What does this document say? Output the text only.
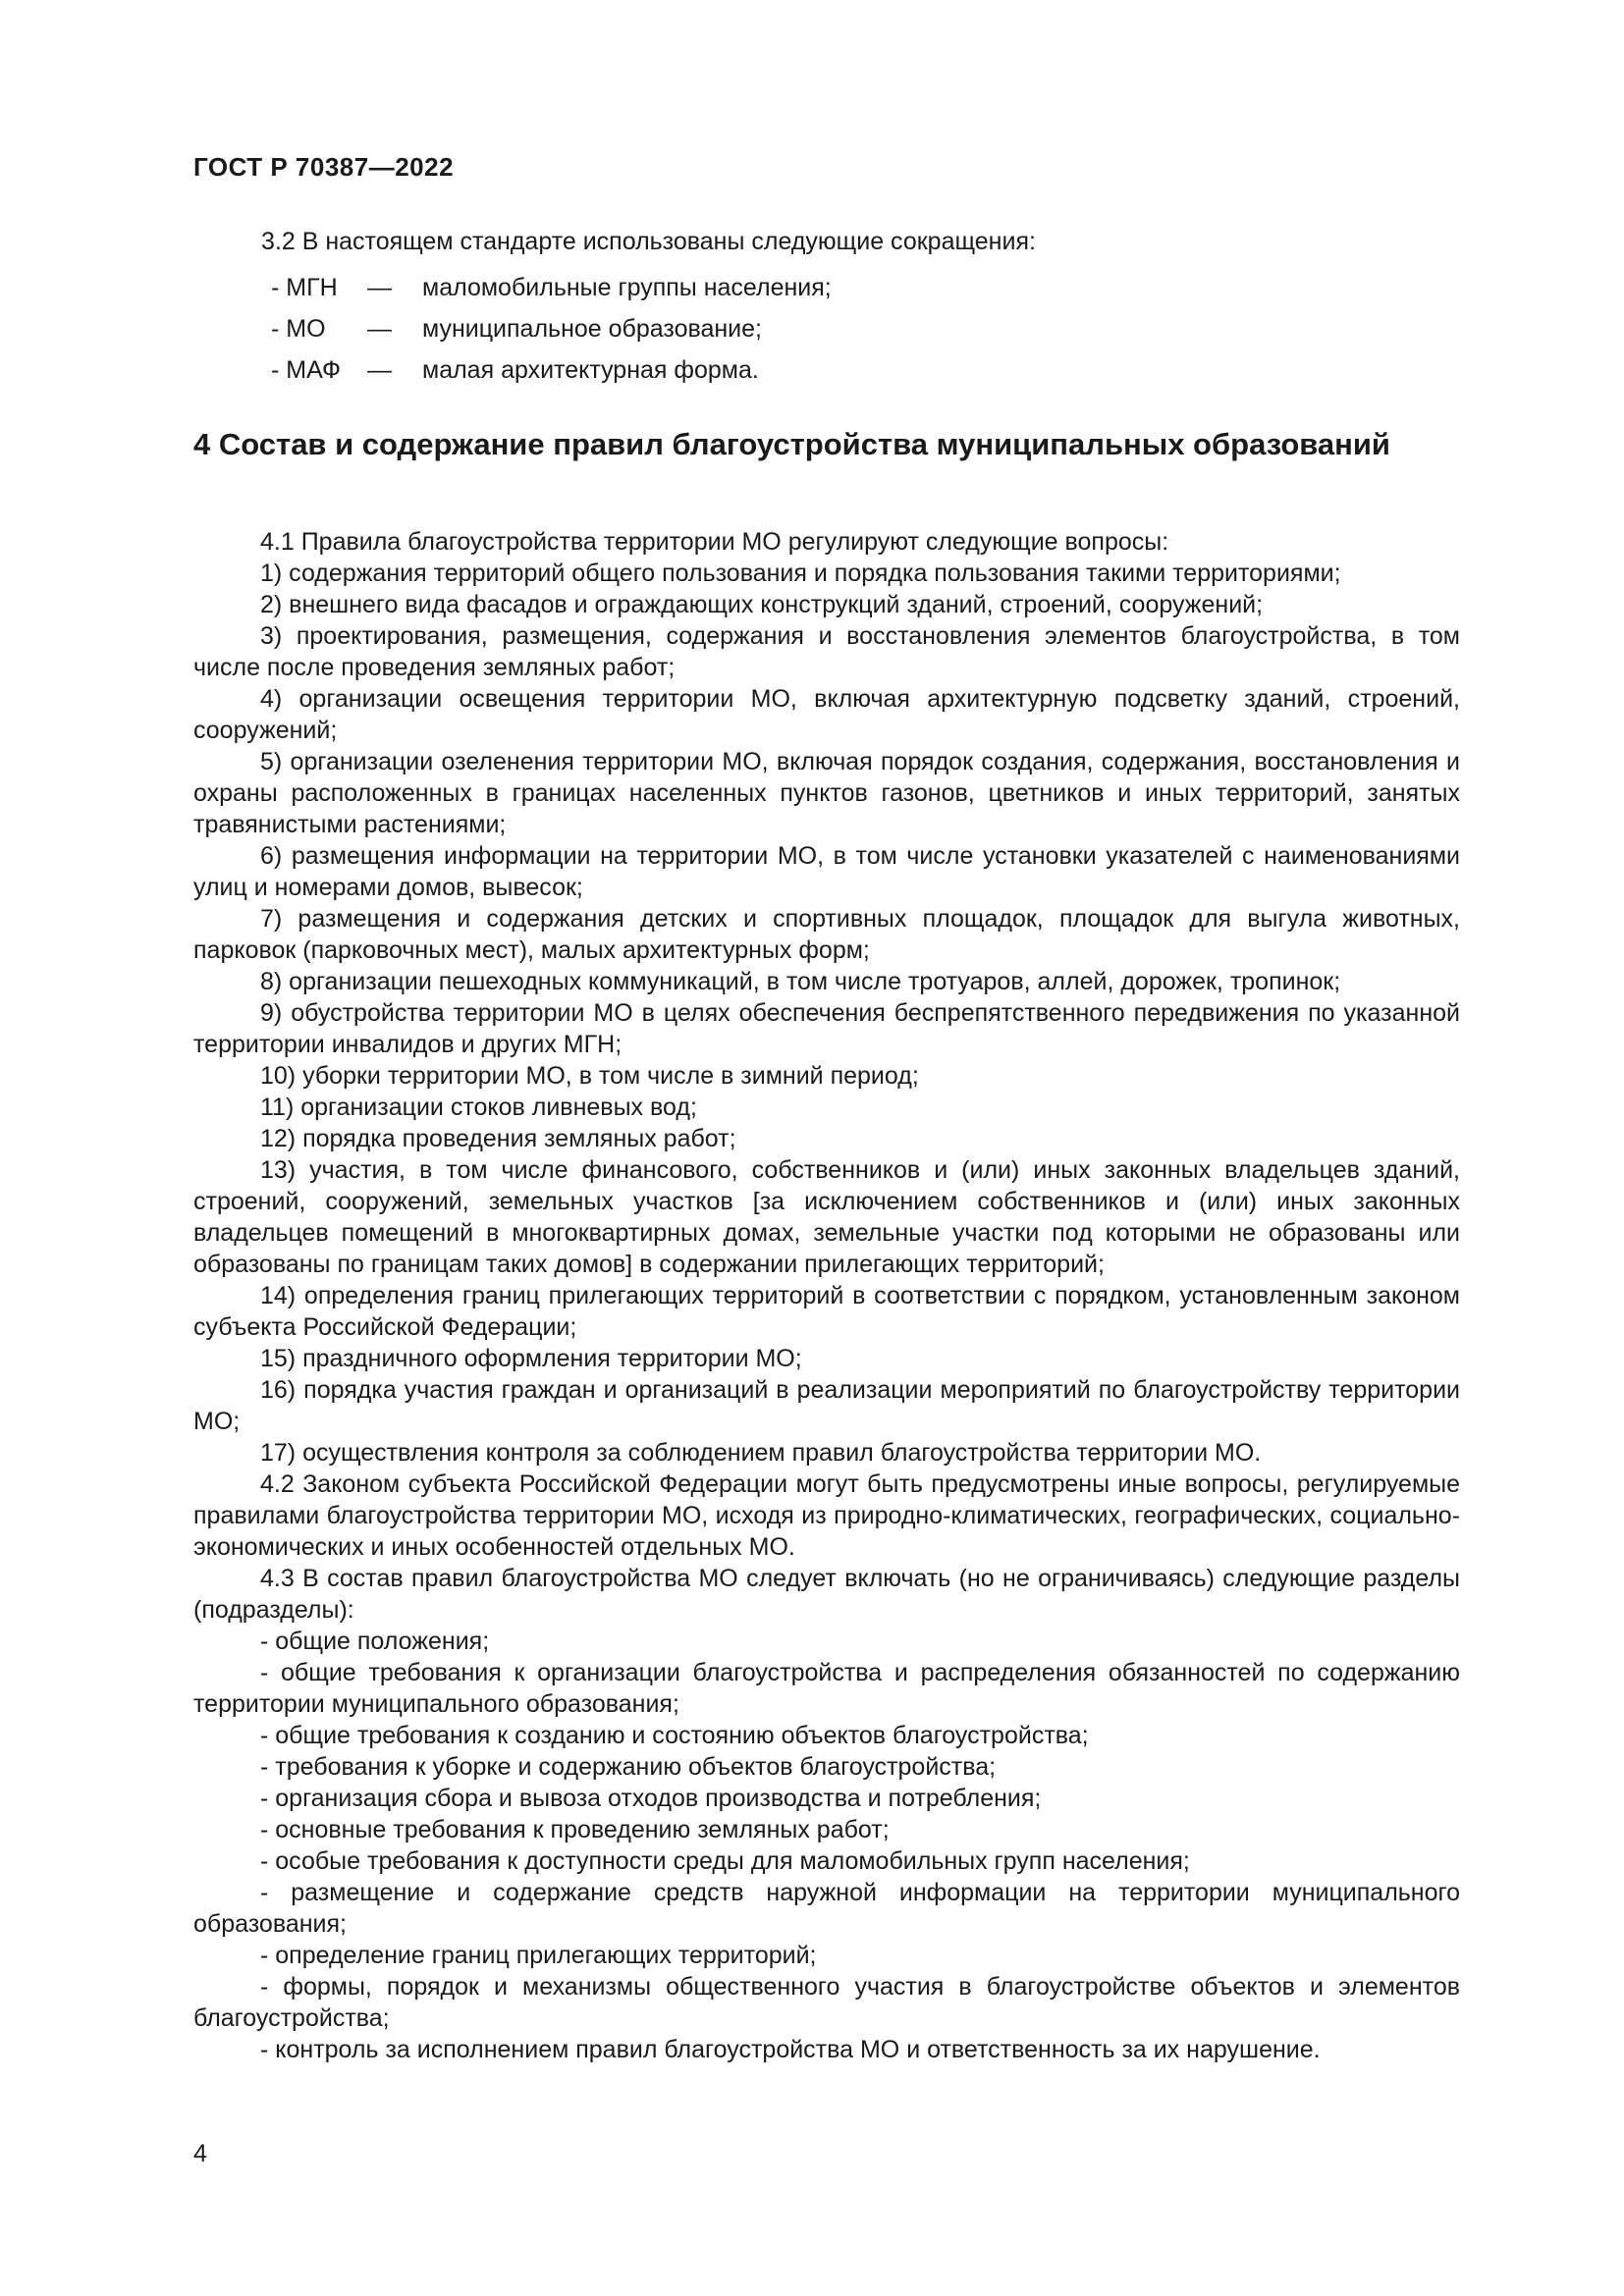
ГОСТ Р 70387—2022
3.2 В настоящем стандарте использованы следующие сокращения:
- МГН — маломобильные группы населения;
- МО — муниципальное образование;
- МАФ — малая архитектурная форма.
4 Состав и содержание правил благоустройства муниципальных образований

4.1 Правила благоустройства территории МО регулируют следующие вопросы:

1) содержания территорий общего пользования и порядка пользования такими территориями;

2) внешнего вида фасадов и ограждающих конструкций зданий, строений, сооружений;

3) проектирования, размещения, содержания и восстановления элементов благоустройства, в том числе после проведения земляных работ;

4) организации освещения территории МО, включая архитектурную подсветку зданий, строений, сооружений;

5) организации озеленения территории МО, включая порядок создания, содержания, восстановления и охраны расположенных в границах населенных пунктов газонов, цветников и иных территорий, занятых травянистыми растениями;

6) размещения информации на территории МО, в том числе установки указателей с наименованиями улиц и номерами домов, вывесок;

7) размещения и содержания детских и спортивных площадок, площадок для выгула животных, парковок (парковочных мест), малых архитектурных форм;

8) организации пешеходных коммуникаций, в том числе тротуаров, аллей, дорожек, тропинок;

9) обустройства территории МО в целях обеспечения беспрепятственного передвижения по указанной территории инвалидов и других МГН;

10) уборки территории МО, в том числе в зимний период;

11) организации стоков ливневых вод;

12) порядка проведения земляных работ;

13) участия, в том числе финансового, собственников и (или) иных законных владельцев зданий, строений, сооружений, земельных участков [за исключением собственников и (или) иных законных владельцев помещений в многоквартирных домах, земельные участки под которыми не образованы или образованы по границам таких домов] в содержании прилегающих территорий;

14) определения границ прилегающих территорий в соответствии с порядком, установленным законом субъекта Российской Федерации;

15) праздничного оформления территории МО;

16) порядка участия граждан и организаций в реализации мероприятий по благоустройству территории МО;

17) осуществления контроля за соблюдением правил благоустройства территории МО.

4.2 Законом субъекта Российской Федерации могут быть предусмотрены иные вопросы, регулируемые правилами благоустройства территории МО, исходя из природно-климатических, географических, социально-экономических и иных особенностей отдельных МО.

4.3 В состав правил благоустройства МО следует включать (но не ограничиваясь) следующие разделы (подразделы):

- общие положения;

- общие требования к организации благоустройства и распределения обязанностей по содержанию территории муниципального образования;

- общие требования к созданию и состоянию объектов благоустройства;

- требования к уборке и содержанию объектов благоустройства;

- организация сбора и вывоза отходов производства и потребления;

- основные требования к проведению земляных работ;

- особые требования к доступности среды для маломобильных групп населения;

- размещение и содержание средств наружной информации на территории муниципального образования;

- определение границ прилегающих территорий;

- формы, порядок и механизмы общественного участия в благоустройстве объектов и элементов благоустройства;

- контроль за исполнением правил благоустройства МО и ответственность за их нарушение.

4
